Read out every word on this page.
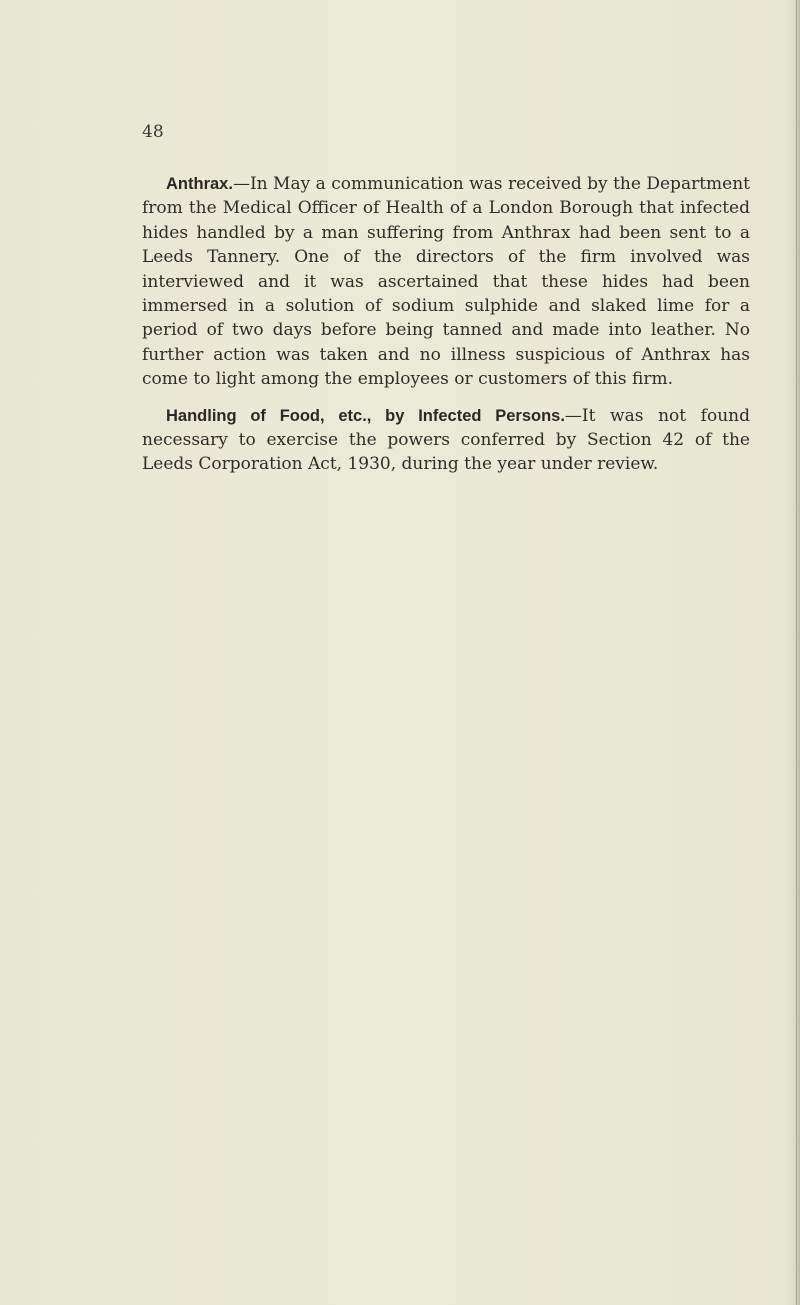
48

Anthrax.—In May a communication was received by the Department from the Medical Officer of Health of a London Borough that infected hides handled by a man suffering from Anthrax had been sent to a Leeds Tannery. One of the directors of the firm involved was interviewed and it was ascertained that these hides had been immersed in a solution of sodium sulphide and slaked lime for a period of two days before being tanned and made into leather. No further action was taken and no illness suspicious of Anthrax has come to light among the employees or customers of this firm.

Handling of Food, etc., by Infected Persons.—It was not found necessary to exercise the powers conferred by Section 42 of the Leeds Corporation Act, 1930, during the year under review.
